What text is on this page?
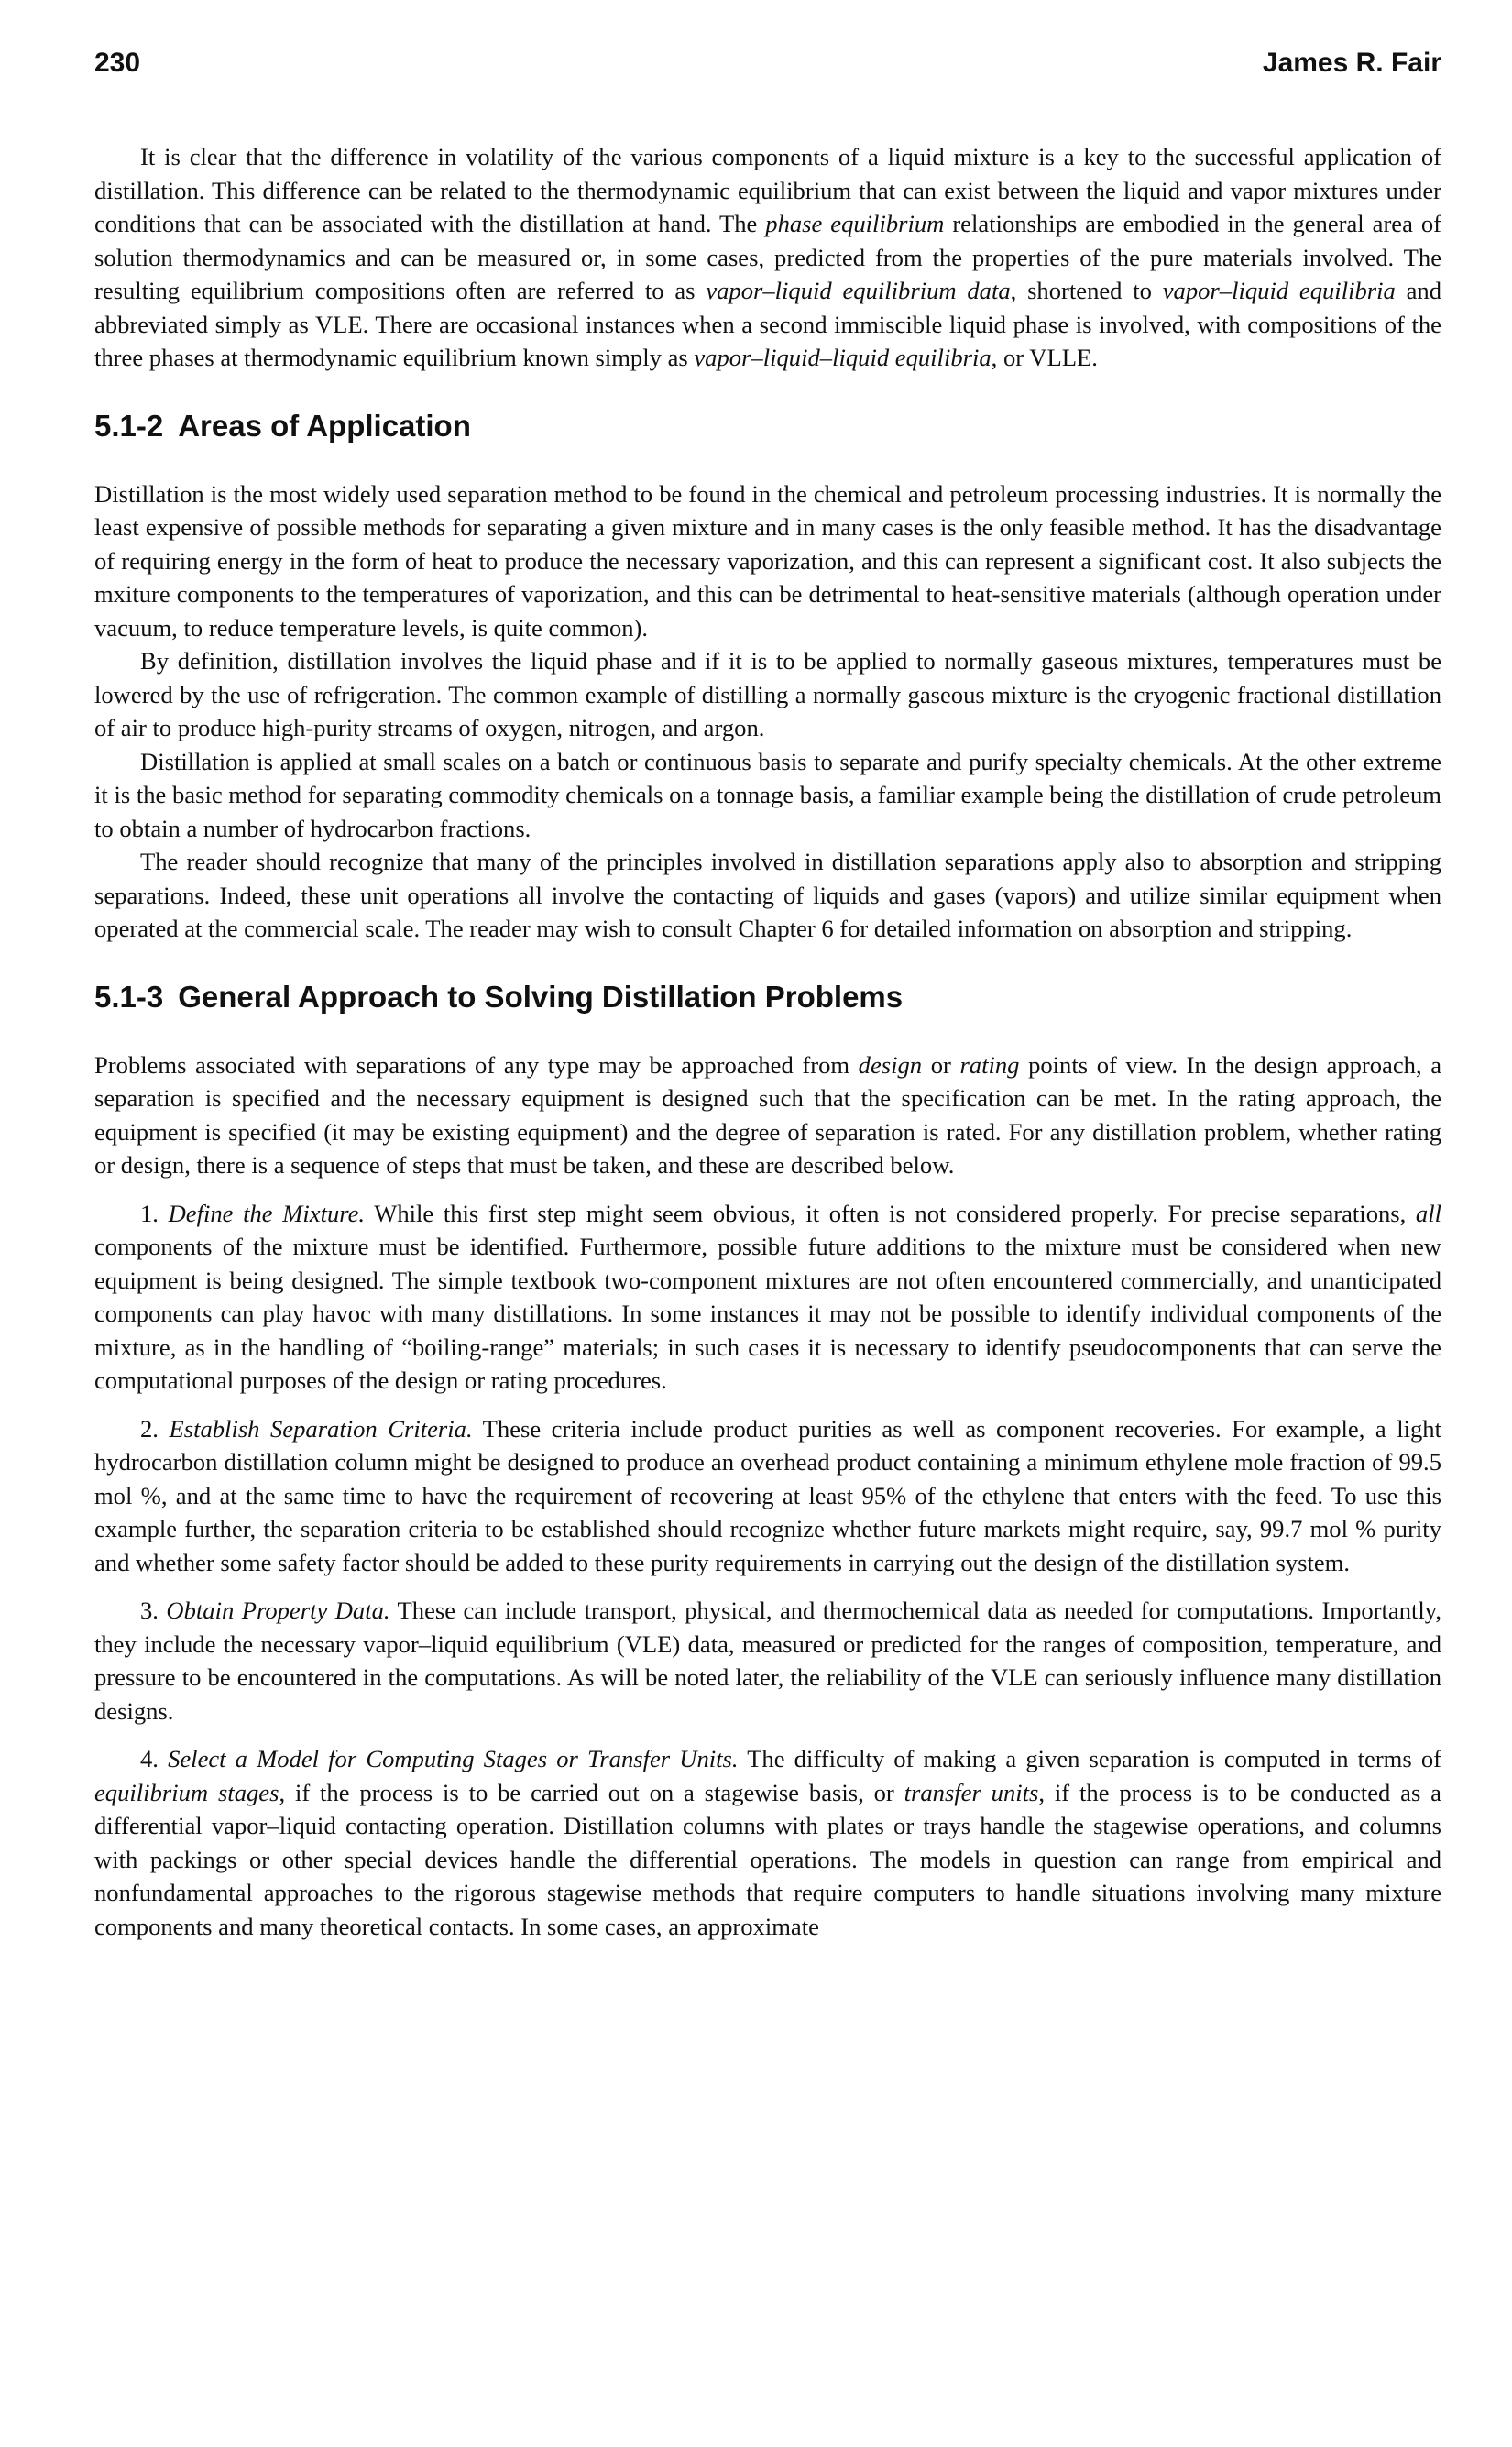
230	James R. Fair

It is clear that the difference in volatility of the various components of a liquid mixture is a key to the successful application of distillation. This difference can be related to the thermodynamic equilibrium that can exist between the liquid and vapor mixtures under conditions that can be associated with the distillation at hand. The phase equilibrium relationships are embodied in the general area of solution thermodynamics and can be measured or, in some cases, predicted from the properties of the pure materials involved. The resulting equilibrium compositions often are referred to as vapor–liquid equilibrium data, shortened to vapor–liquid equilibria and abbreviated simply as VLE. There are occasional instances when a second immiscible liquid phase is involved, with compositions of the three phases at thermodynamic equilibrium known simply as vapor–liquid–liquid equilibria, or VLLE.

5.1-2 Areas of Application

Distillation is the most widely used separation method to be found in the chemical and petroleum processing industries. It is normally the least expensive of possible methods for separating a given mixture and in many cases is the only feasible method. It has the disadvantage of requiring energy in the form of heat to produce the necessary vaporization, and this can represent a significant cost. It also subjects the mxiture components to the temperatures of vaporization, and this can be detrimental to heat-sensitive materials (although operation under vacuum, to reduce temperature levels, is quite common).

By definition, distillation involves the liquid phase and if it is to be applied to normally gaseous mixtures, temperatures must be lowered by the use of refrigeration. The common example of distilling a normally gaseous mixture is the cryogenic fractional distillation of air to produce high-purity streams of oxygen, nitrogen, and argon.

Distillation is applied at small scales on a batch or continuous basis to separate and purify specialty chemicals. At the other extreme it is the basic method for separating commodity chemicals on a tonnage basis, a familiar example being the distillation of crude petroleum to obtain a number of hydrocarbon fractions.

The reader should recognize that many of the principles involved in distillation separations apply also to absorption and stripping separations. Indeed, these unit operations all involve the contacting of liquids and gases (vapors) and utilize similar equipment when operated at the commercial scale. The reader may wish to consult Chapter 6 for detailed information on absorption and stripping.

5.1-3 General Approach to Solving Distillation Problems

Problems associated with separations of any type may be approached from design or rating points of view. In the design approach, a separation is specified and the necessary equipment is designed such that the specification can be met. In the rating approach, the equipment is specified (it may be existing equipment) and the degree of separation is rated. For any distillation problem, whether rating or design, there is a sequence of steps that must be taken, and these are described below.

1. Define the Mixture. While this first step might seem obvious, it often is not considered properly. For precise separations, all components of the mixture must be identified. Furthermore, possible future additions to the mixture must be considered when new equipment is being designed. The simple textbook two-component mixtures are not often encountered commercially, and unanticipated components can play havoc with many distillations. In some instances it may not be possible to identify individual components of the mixture, as in the handling of “boiling-range” materials; in such cases it is necessary to identify pseudocomponents that can serve the computational purposes of the design or rating procedures.

2. Establish Separation Criteria. These criteria include product purities as well as component recoveries. For example, a light hydrocarbon distillation column might be designed to produce an overhead product containing a minimum ethylene mole fraction of 99.5 mol %, and at the same time to have the requirement of recovering at least 95% of the ethylene that enters with the feed. To use this example further, the separation criteria to be established should recognize whether future markets might require, say, 99.7 mol % purity and whether some safety factor should be added to these purity requirements in carrying out the design of the distillation system.

3. Obtain Property Data. These can include transport, physical, and thermochemical data as needed for computations. Importantly, they include the necessary vapor–liquid equilibrium (VLE) data, measured or predicted for the ranges of composition, temperature, and pressure to be encountered in the computations. As will be noted later, the reliability of the VLE can seriously influence many distillation designs.

4. Select a Model for Computing Stages or Transfer Units. The difficulty of making a given separation is computed in terms of equilibrium stages, if the process is to be carried out on a stagewise basis, or transfer units, if the process is to be conducted as a differential vapor–liquid contacting operation. Distillation columns with plates or trays handle the stagewise operations, and columns with packings or other special devices handle the differential operations. The models in question can range from empirical and nonfundamental approaches to the rigorous stagewise methods that require computers to handle situations involving many mixture components and many theoretical contacts. In some cases, an approximate
